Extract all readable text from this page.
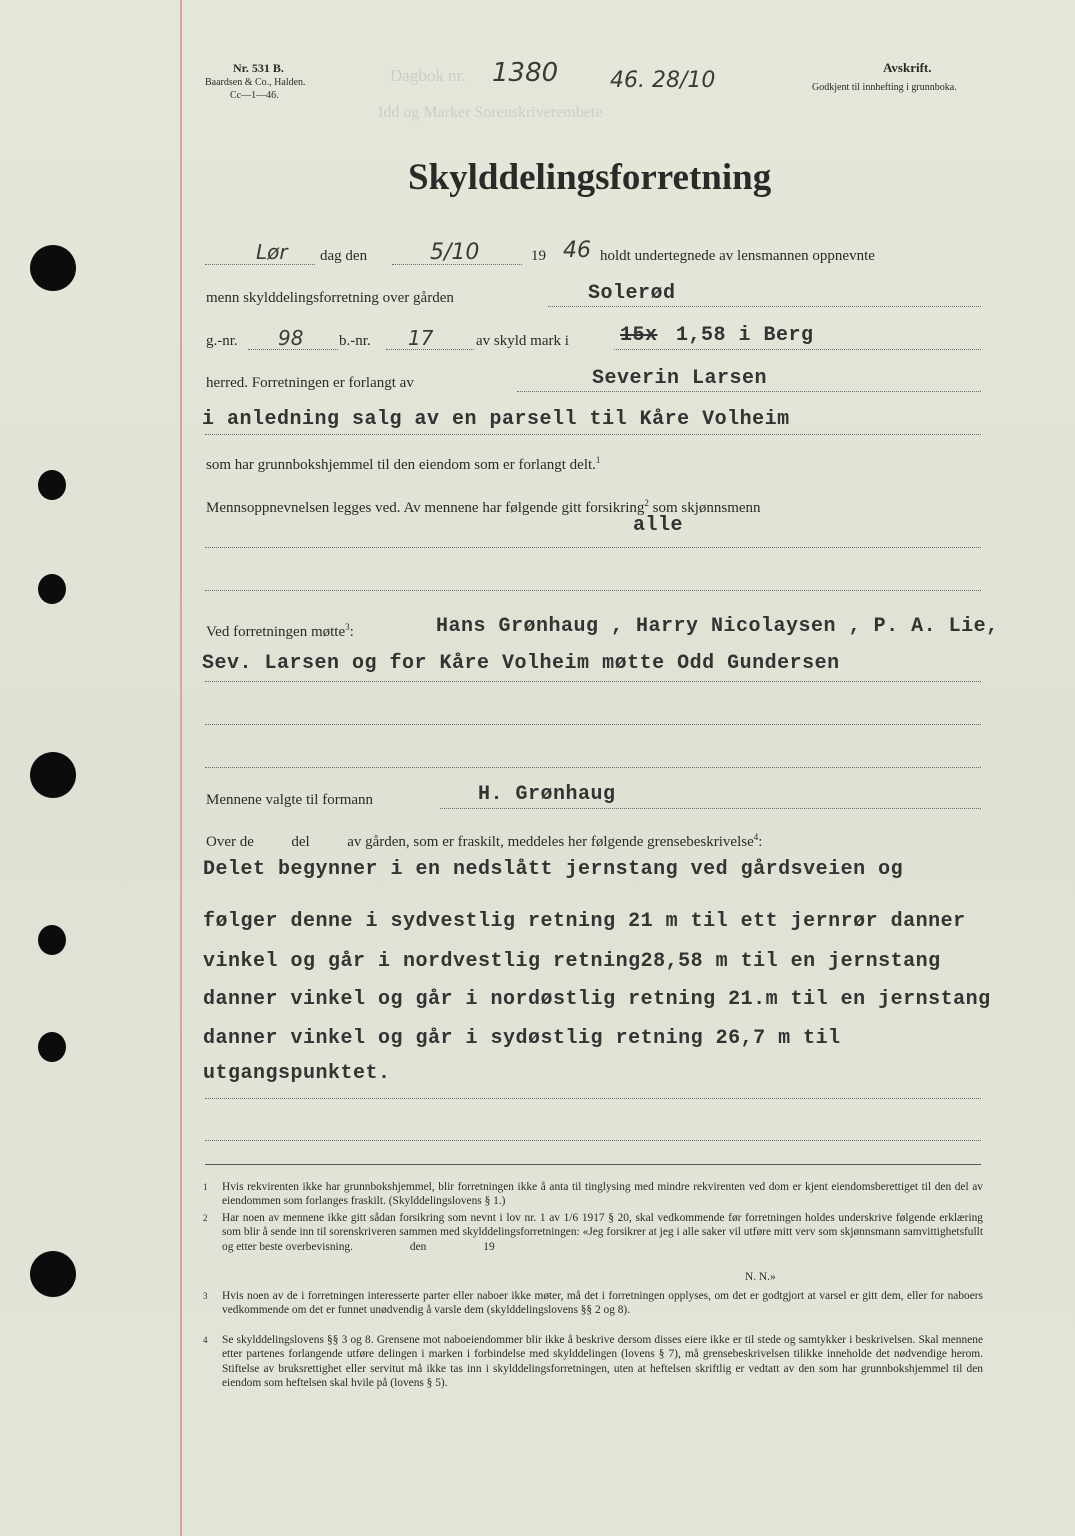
Nr. 531 B.
Baardsen & Co., Halden.
Cc—1—46.
Dagbok nr.
Idd og Marker Sorenskriverembete
1380 46. 28/10
Avskrift.
Godkjent til innhefting i grunnboka.
Skylddelingsforretning
Lør dag den	5/10	19 46 holdt undertegnede av lensmannen oppnevnte
menn skylddelingsforretning over gården	Solerød
g.-nr. 98 b.-nr. 17	av skyld mark i	15x 1,58 i Berg
herred. Forretningen er forlangt av	Severin Larsen
i anledning salg av en parsell til Kåre Volheim
som har grunnbokshjemmel til den eiendom som er forlangt delt.$^1$
Mennsoppnevnelsen legges ved. Av mennene har følgende gitt forsikring$^2$ som skjønnsmenn
alle
Ved forretningen møtte$^3$:	Hans Grønhaug , Harry Nicolaysen , P. A. Lie,
Sev. Larsen og for Kåre Volheim møtte Odd Gundersen
Mennene valgte til formann	H. Grønhaug
Over de          del          av gården, som er fraskilt, meddeles her følgende grensebeskrivelse$^4$:
Delet begynner i en nedslått jernstang ved gårdsveien og
følger denne i sydvestlig retning 21 m til ett jernrør danner
vinkel og går i nordvestlig retning28,58 m til en jernstang
danner vinkel og går i nordøstlig retning 21.m til en jernstang
danner vinkel og går i sydøstlig retning 26,7 m til
utgangspunktet.
1 Hvis rekvirenten ikke har grunnbokshjemmel, blir forretningen ikke å anta til tinglysing med mindre rekvirenten ved dom er kjent eiendomsberettiget til den del av eiendommen som forlanges fraskilt. (Skylddelingslovens § 1.)
2 Har noen av mennene ikke gitt sådan forsikring som nevnt i lov nr. 1 av 1/6 1917 § 20, skal vedkommende før forretningen holdes underskrive følgende erklæring som blir å sende inn til sorenskriveren sammen med skylddelingsforretningen: «Jeg forsikrer at jeg i alle saker vil utføre mitt verv som skjønnsmann samvittighetsfullt og etter beste overbevisning.                    den                    19
N. N.»
3 Hvis noen av de i forretningen interesserte parter eller naboer ikke møter, må det i forretningen opplyses, om det er godtgjort at varsel er gitt dem, eller for naboers vedkommende om det er funnet unødvendig å varsle dem (skylddelingslovens §§ 2 og 8).
4 Se skylddelingslovens §§ 3 og 8. Grensene mot naboeiendommer blir ikke å beskrive dersom disses eiere ikke er til stede og samtykker i beskrivelsen. Skal mennene etter partenes forlangende utføre delingen i marken i forbindelse med skylddelingen (lovens § 7), må grensebeskrivelsen tilikke inneholde det nødvendige herom. Stiftelse av bruksrettighet eller servitut må ikke tas inn i skylddelingsforretningen, uten at heftelsen skriftlig er vedtatt av den som har grunnbokshjemmel til den eiendom som heftelsen skal hvile på (lovens § 5).
